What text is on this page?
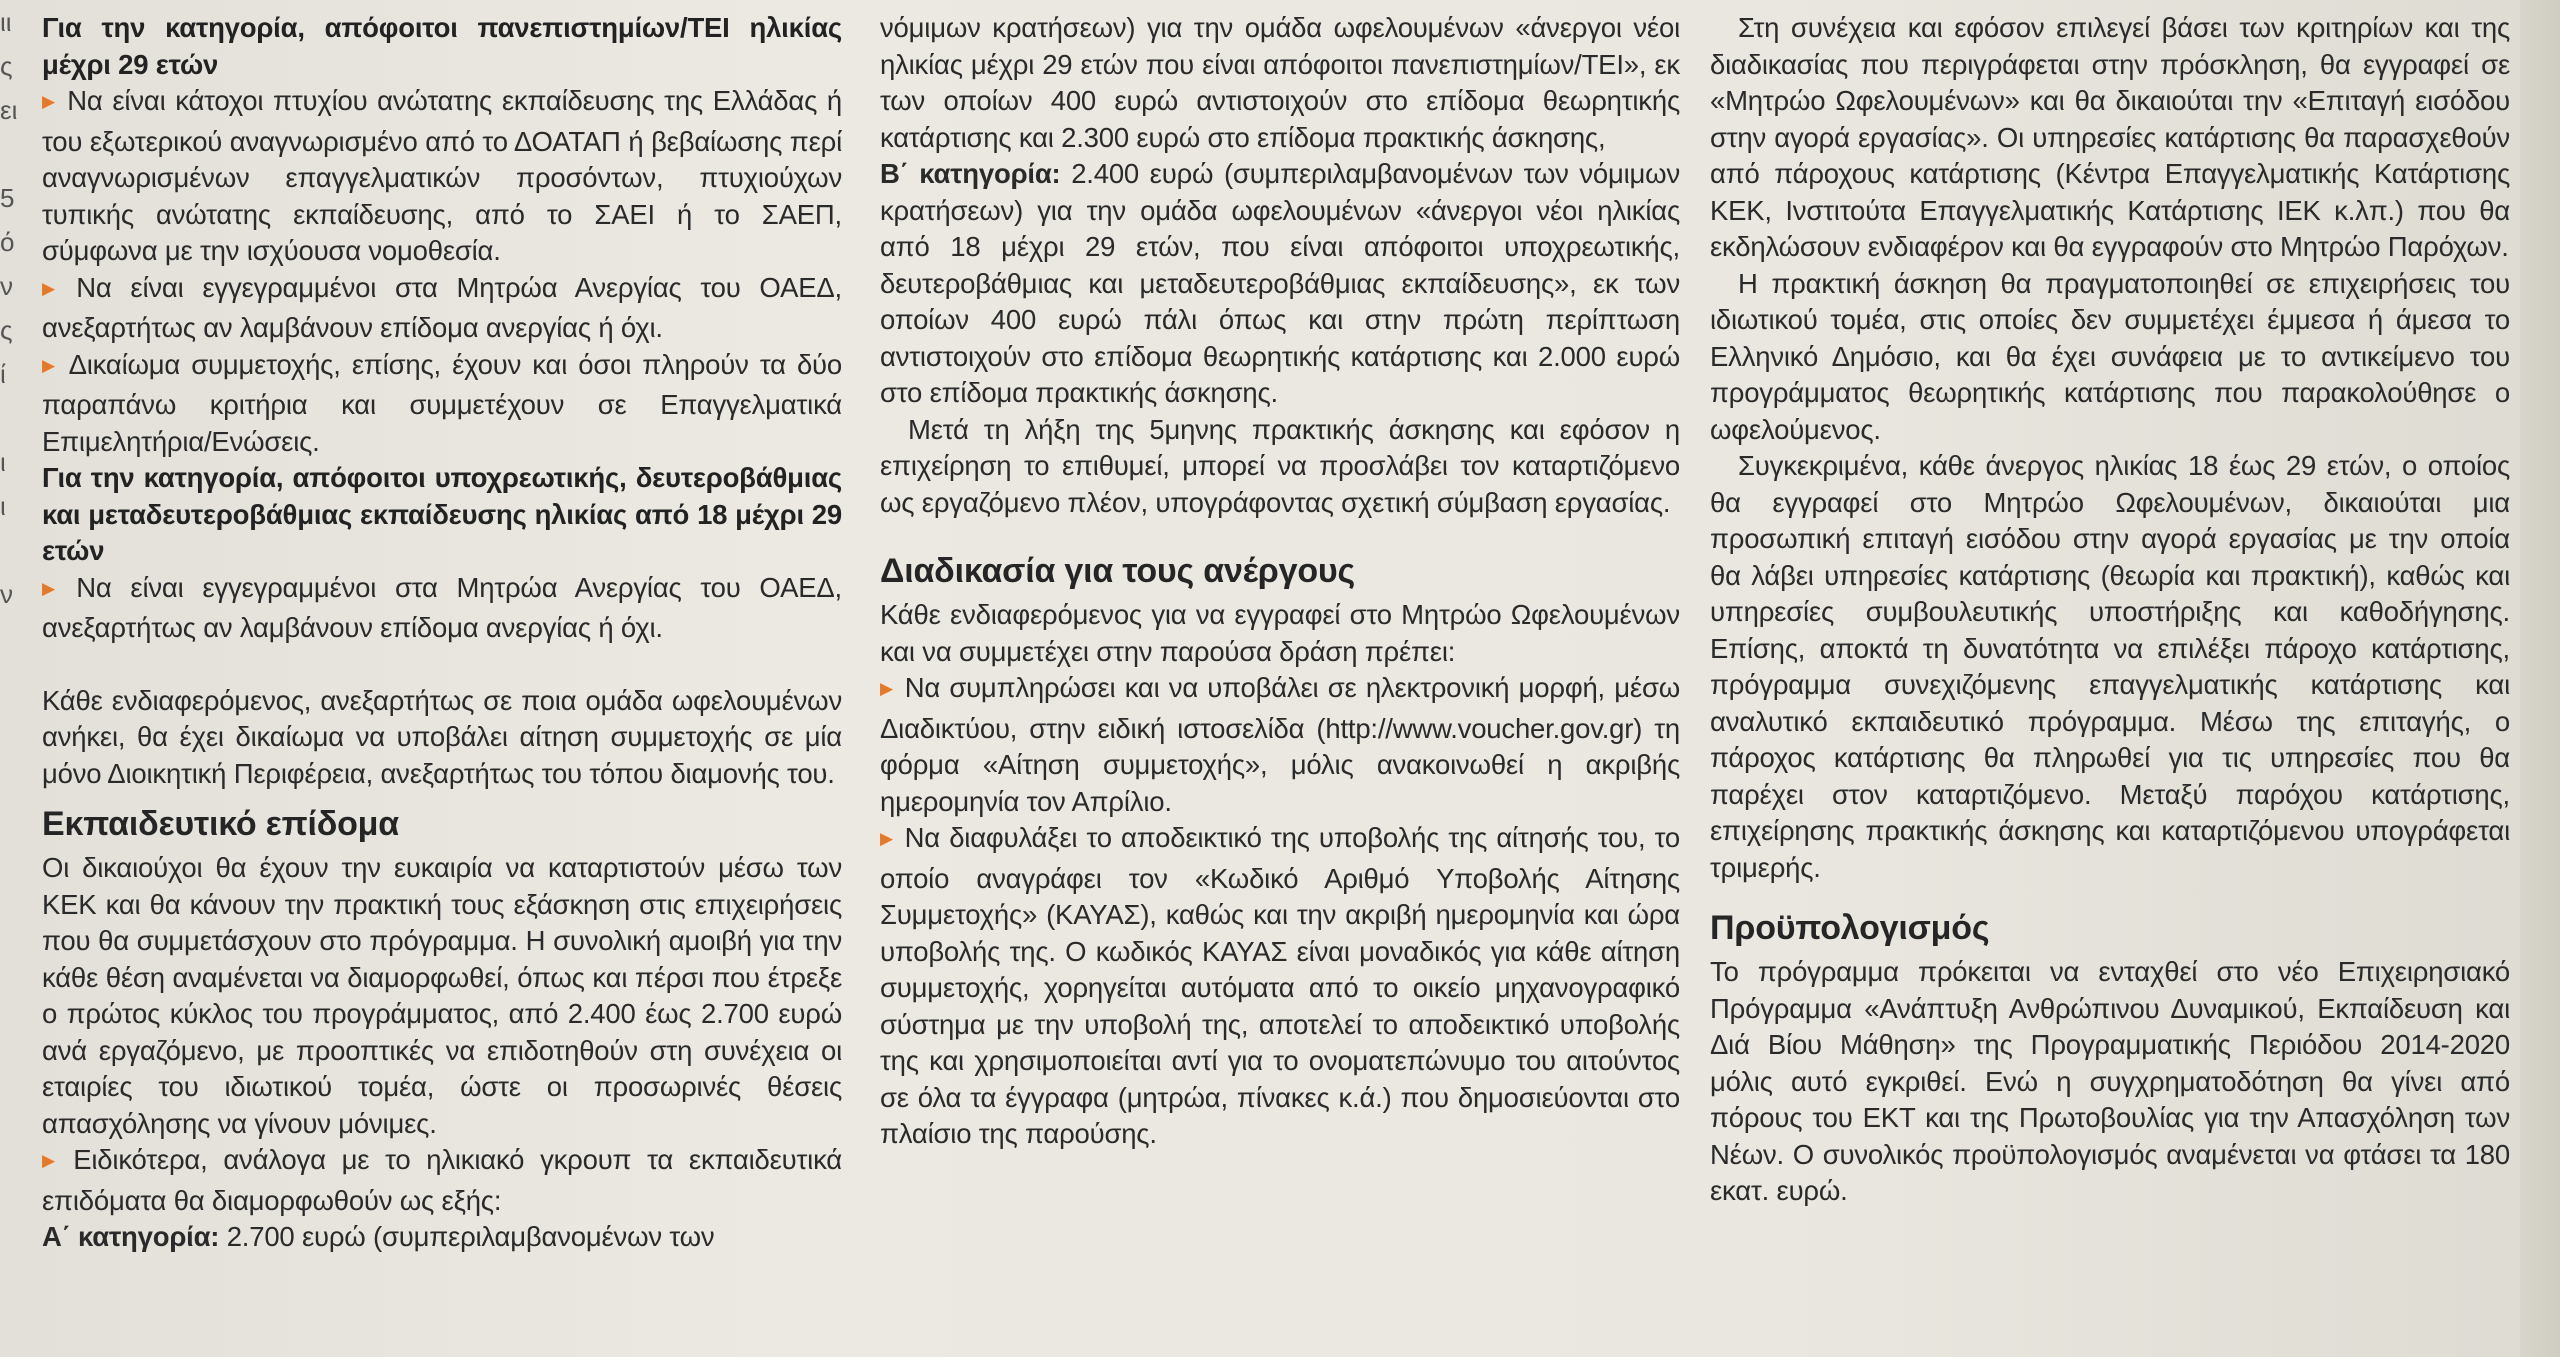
ιι
ς
ει
5
ό
ν
ς
ί
ι
ι
ν

Για την κατηγορία, απόφοιτοι πανεπιστημίων/ΤΕΙ ηλικίας μέχρι 29 ετών

▶ Να είναι κάτοχοι πτυχίου ανώτατης εκπαίδευσης της Ελλάδας ή του εξωτερικού αναγνωρισμένο από το ΔΟΑΤΑΠ ή βεβαίωσης περί αναγνωρισμένων επαγγελματικών προσόντων, πτυχιούχων τυπικής ανώτατης εκπαίδευσης, από το ΣΑΕΙ ή το ΣΑΕΠ, σύμφωνα με την ισχύουσα νομοθεσία.

▶ Να είναι εγγεγραμμένοι στα Μητρώα Ανεργίας του ΟΑΕΔ, ανεξαρτήτως αν λαμβάνουν επίδομα ανεργίας ή όχι.

▶ Δικαίωμα συμμετοχής, επίσης, έχουν και όσοι πληρούν τα δύο παραπάνω κριτήρια και συμμετέχουν σε Επαγγελματικά Επιμελητήρια/Ενώσεις.

Για την κατηγορία, απόφοιτοι υποχρεωτικής, δευτεροβάθμιας και μεταδευτεροβάθμιας εκπαίδευσης ηλικίας από 18 μέχρι 29 ετών

▶ Να είναι εγγεγραμμένοι στα Μητρώα Ανεργίας του ΟΑΕΔ, ανεξαρτήτως αν λαμβάνουν επίδομα ανεργίας ή όχι.

Κάθε ενδιαφερόμενος, ανεξαρτήτως σε ποια ομάδα ωφελουμένων ανήκει, θα έχει δικαίωμα να υποβάλει αίτηση συμμετοχής σε μία μόνο Διοικητική Περιφέρεια, ανεξαρτήτως του τόπου διαμονής του.

Εκπαιδευτικό επίδομα

Οι δικαιούχοι θα έχουν την ευκαιρία να καταρτιστούν μέσω των ΚΕΚ και θα κάνουν την πρακτική τους εξάσκηση στις επιχειρήσεις που θα συμμετάσχουν στο πρόγραμμα. Η συνολική αμοιβή για την κάθε θέση αναμένεται να διαμορφωθεί, όπως και πέρσι που έτρεξε ο πρώτος κύκλος του προγράμματος, από 2.400 έως 2.700 ευρώ ανά εργαζόμενο, με προοπτικές να επιδοτηθούν στη συνέχεια οι εταιρίες του ιδιωτικού τομέα, ώστε οι προσωρινές θέσεις απασχόλησης να γίνουν μόνιμες.

▶ Ειδικότερα, ανάλογα με το ηλικιακό γκρουπ τα εκπαιδευτικά επιδόματα θα διαμορφωθούν ως εξής:

Α΄ κατηγορία: 2.700 ευρώ (συμπεριλαμβανομένων των

νόμιμων κρατήσεων) για την ομάδα ωφελουμένων «άνεργοι νέοι ηλικίας μέχρι 29 ετών που είναι απόφοιτοι πανεπιστημίων/ΤΕΙ», εκ των οποίων 400 ευρώ αντιστοιχούν στο επίδομα θεωρητικής κατάρτισης και 2.300 ευρώ στο επίδομα πρακτικής άσκησης,

Β΄ κατηγορία: 2.400 ευρώ (συμπεριλαμβανομένων των νόμιμων κρατήσεων) για την ομάδα ωφελουμένων «άνεργοι νέοι ηλικίας από 18 μέχρι 29 ετών, που είναι απόφοιτοι υποχρεωτικής, δευτεροβάθμιας και μεταδευτεροβάθμιας εκπαίδευσης», εκ των οποίων 400 ευρώ πάλι όπως και στην πρώτη περίπτωση αντιστοιχούν στο επίδομα θεωρητικής κατάρτισης και 2.000 ευρώ στο επίδομα πρακτικής άσκησης.

Μετά τη λήξη της 5μηνης πρακτικής άσκησης και εφόσον η επιχείρηση το επιθυμεί, μπορεί να προσλάβει τον καταρτιζόμενο ως εργαζόμενο πλέον, υπογράφοντας σχετική σύμβαση εργασίας.

Διαδικασία για τους ανέργους

Κάθε ενδιαφερόμενος για να εγγραφεί στο Μητρώο Ωφελουμένων και να συμμετέχει στην παρούσα δράση πρέπει:

▶ Να συμπληρώσει και να υποβάλει σε ηλεκτρονική μορφή, μέσω Διαδικτύου, στην ειδική ιστοσελίδα (http://www.voucher.gov.gr) τη φόρμα «Αίτηση συμμετοχής», μόλις ανακοινωθεί η ακριβής ημερομηνία τον Απρίλιο.

▶ Να διαφυλάξει το αποδεικτικό της υποβολής της αίτησής του, το οποίο αναγράφει τον «Κωδικό Αριθμό Υποβολής Αίτησης Συμμετοχής» (ΚΑΥΑΣ), καθώς και την ακριβή ημερομηνία και ώρα υποβολής της. Ο κωδικός ΚΑΥΑΣ είναι μοναδικός για κάθε αίτηση συμμετοχής, χορηγείται αυτόματα από το οικείο μηχανογραφικό σύστημα με την υποβολή της, αποτελεί το αποδεικτικό υποβολής της και χρησιμοποιείται αντί για το ονοματεπώνυμο του αιτούντος σε όλα τα έγγραφα (μητρώα, πίνακες κ.ά.) που δημοσιεύονται στο πλαίσιο της παρούσης.

Στη συνέχεια και εφόσον επιλεγεί βάσει των κριτηρίων και της διαδικασίας που περιγράφεται στην πρόσκληση, θα εγγραφεί σε «Μητρώο Ωφελουμένων» και θα δικαιούται την «Επιταγή εισόδου στην αγορά εργασίας». Οι υπηρεσίες κατάρτισης θα παρασχεθούν από πάροχους κατάρτισης (Κέντρα Επαγγελματικής Κατάρτισης ΚΕΚ, Ινστιτούτα Επαγγελματικής Κατάρτισης ΙΕΚ κ.λπ.) που θα εκδηλώσουν ενδιαφέρον και θα εγγραφούν στο Μητρώο Παρόχων.

Η πρακτική άσκηση θα πραγματοποιηθεί σε επιχειρήσεις του ιδιωτικού τομέα, στις οποίες δεν συμμετέχει έμμεσα ή άμεσα το Ελληνικό Δημόσιο, και θα έχει συνάφεια με το αντικείμενο του προγράμματος θεωρητικής κατάρτισης που παρακολούθησε ο ωφελούμενος.

Συγκεκριμένα, κάθε άνεργος ηλικίας 18 έως 29 ετών, ο οποίος θα εγγραφεί στο Μητρώο Ωφελουμένων, δικαιούται μια προσωπική επιταγή εισόδου στην αγορά εργασίας με την οποία θα λάβει υπηρεσίες κατάρτισης (θεωρία και πρακτική), καθώς και υπηρεσίες συμβουλευτικής υποστήριξης και καθοδήγησης. Επίσης, αποκτά τη δυνατότητα να επιλέξει πάροχο κατάρτισης, πρόγραμμα συνεχιζόμενης επαγγελματικής κατάρτισης και αναλυτικό εκπαιδευτικό πρόγραμμα. Μέσω της επιταγής, ο πάροχος κατάρτισης θα πληρωθεί για τις υπηρεσίες που θα παρέχει στον καταρτιζόμενο. Μεταξύ παρόχου κατάρτισης, επιχείρησης πρακτικής άσκησης και καταρτιζόμενου υπογράφεται τριμερής.

Προϋπολογισμός

Το πρόγραμμα πρόκειται να ενταχθεί στο νέο Επιχειρησιακό Πρόγραμμα «Ανάπτυξη Ανθρώπινου Δυναμικού, Εκπαίδευση και Διά Βίου Μάθηση» της Προγραμματικής Περιόδου 2014-2020 μόλις αυτό εγκριθεί. Ενώ η συγχρηματοδότηση θα γίνει από πόρους του ΕΚΤ και της Πρωτοβουλίας για την Απασχόληση των Νέων. Ο συνολικός προϋπολογισμός αναμένεται να φτάσει τα 180 εκατ. ευρώ.
